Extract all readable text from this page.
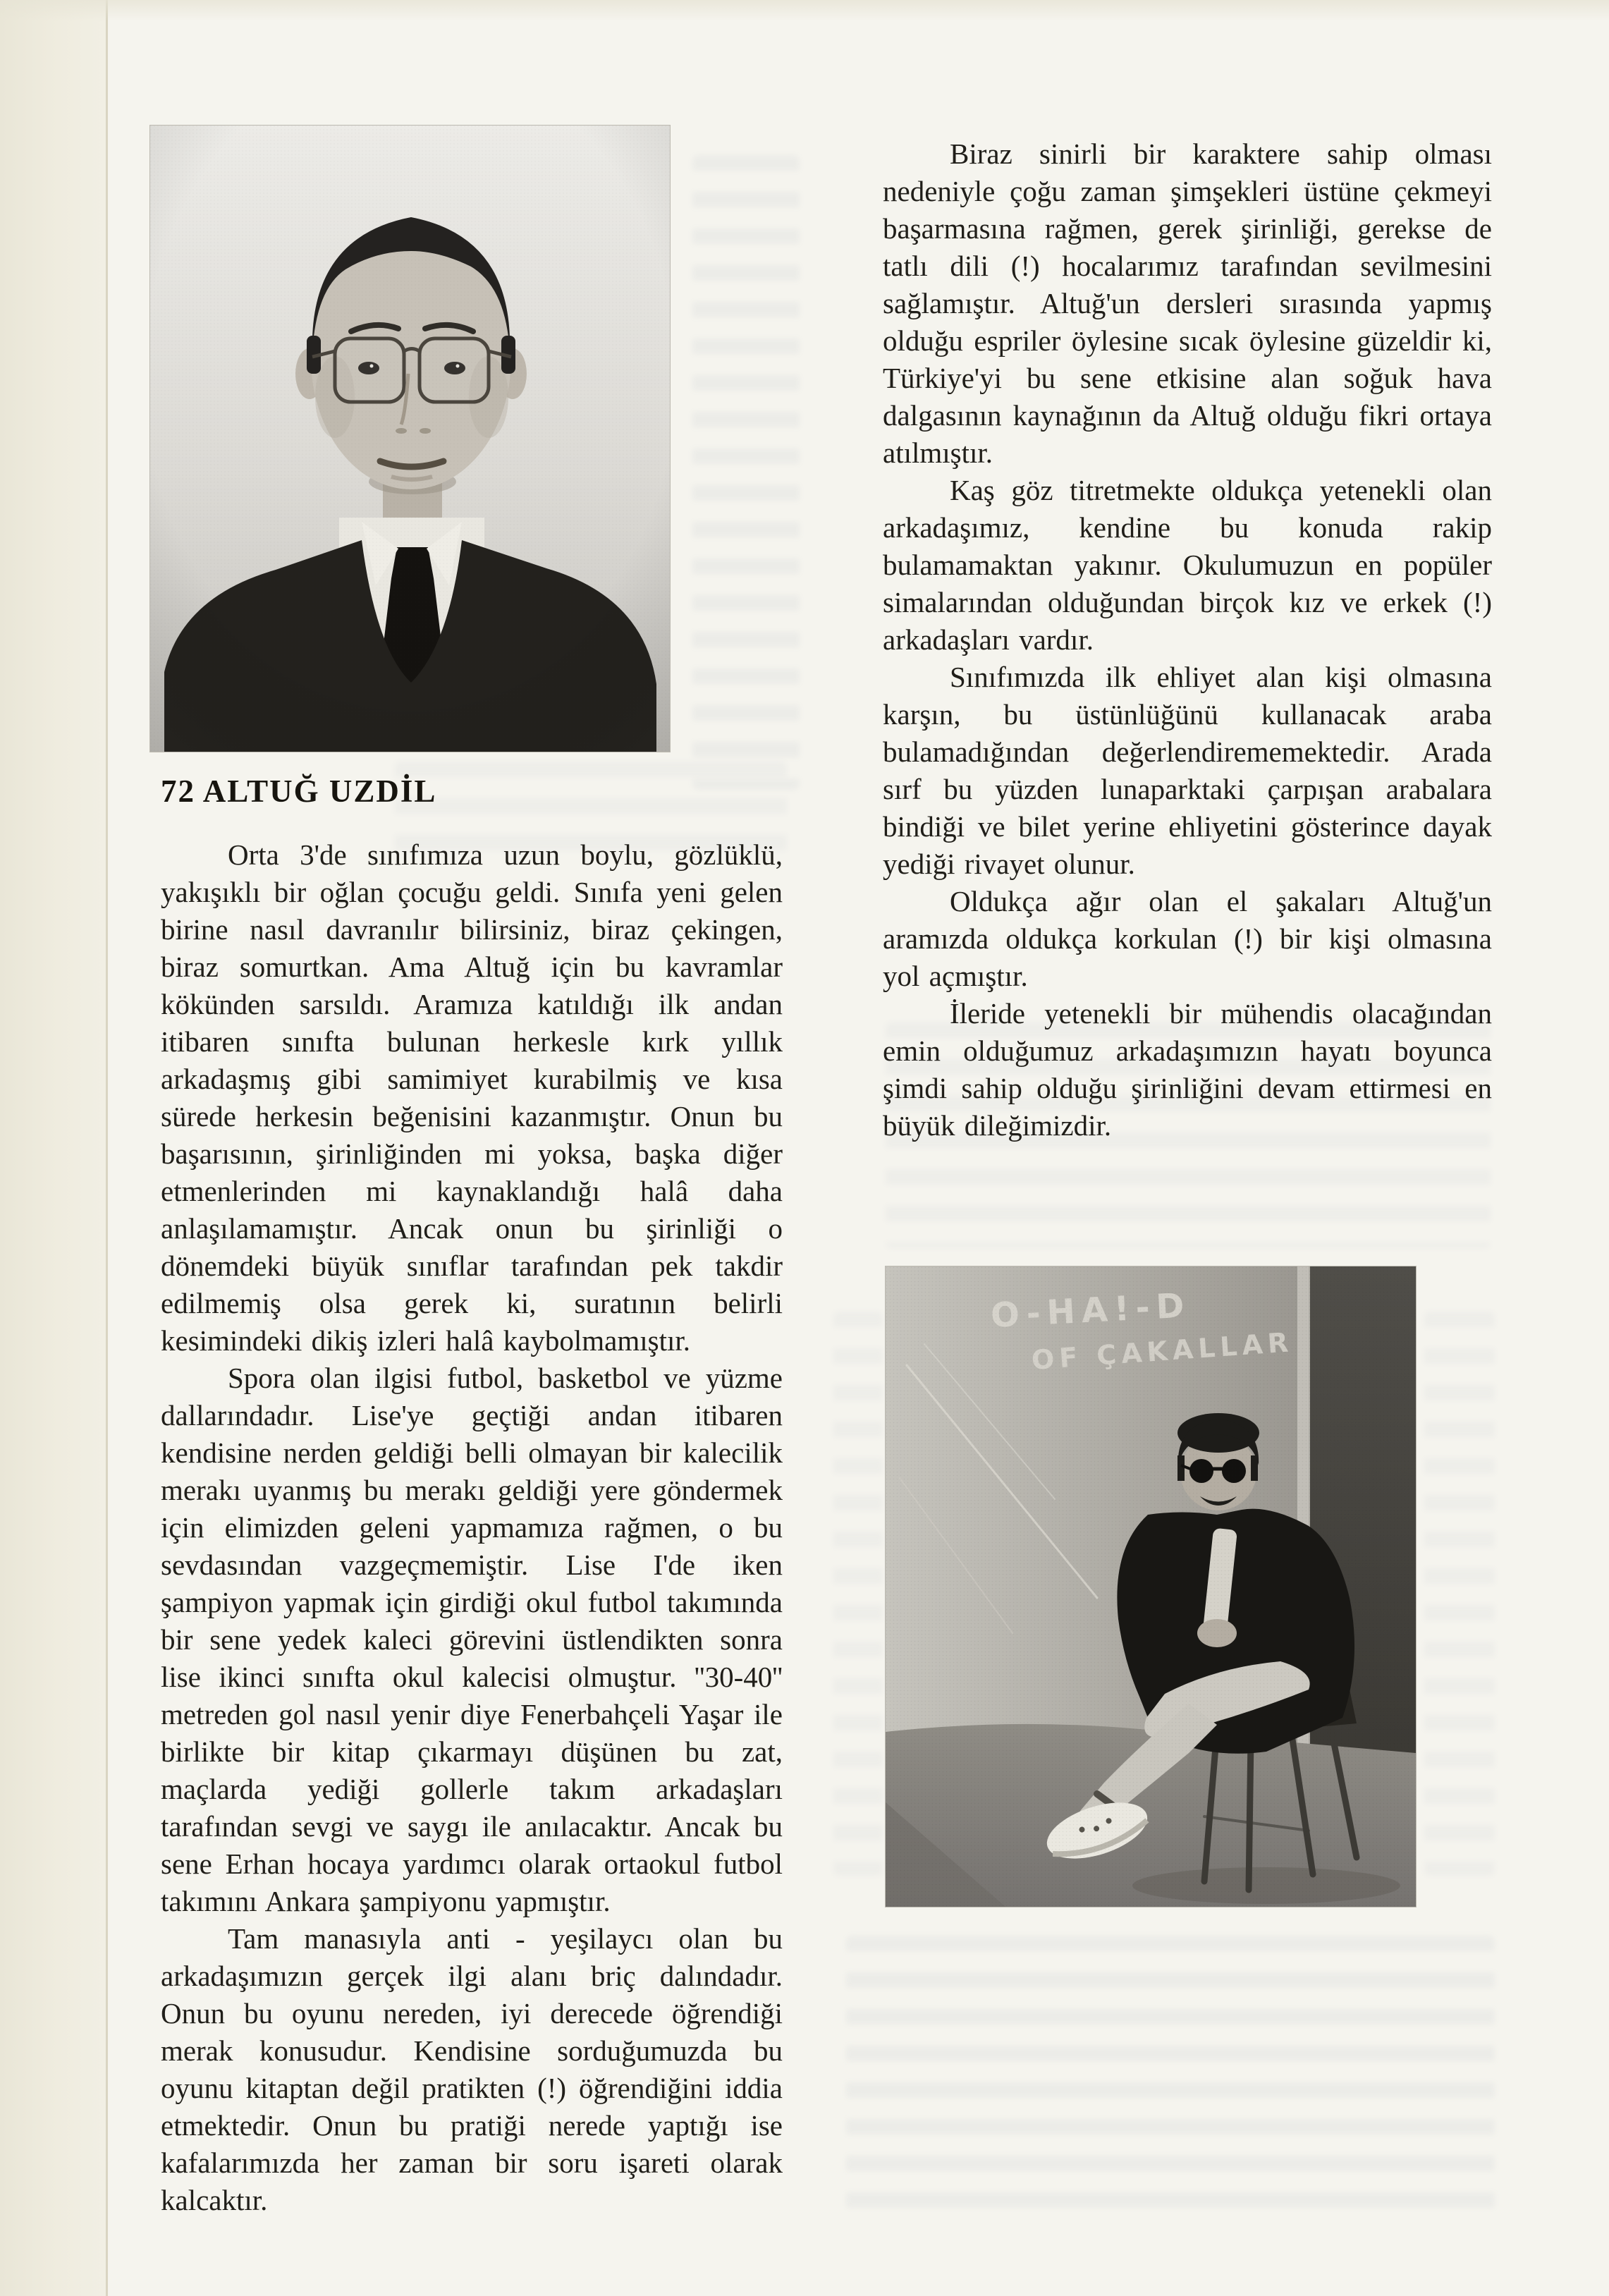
72 ALTUĞ UZDİL

Orta 3'de sınıfımıza uzun boylu, gözlüklü, yakışıklı bir oğlan çocuğu geldi. Sınıfa yeni gelen birine nasıl davranılır bilirsiniz, biraz çekingen, biraz somurtkan. Ama Altuğ için bu kavramlar kökünden sarsıldı. Aramıza katıldığı ilk andan itibaren sınıfta bulunan herkesle kırk yıllık arkadaşmış gibi samimiyet kurabilmiş ve kısa sürede herkesin beğenisini kazanmıştır. Onun bu başarısının, şirinliğinden mi yoksa, başka diğer etmenlerinden mi kaynaklandığı halâ daha anlaşılamamıştır. Ancak onun bu şirinliği o dönemdeki büyük sınıflar tarafından pek takdir edilmemiş olsa gerek ki, suratının belirli kesimindeki dikiş izleri halâ kaybolmamıştır.

Spora olan ilgisi futbol, basketbol ve yüzme dallarındadır. Lise'ye geçtiği andan itibaren kendisine nerden geldiği belli olmayan bir kalecilik merakı uyanmış bu merakı geldiği yere göndermek için elimizden geleni yapmamıza rağmen, o bu sevdasından vazgeçmemiştir. Lise I'de iken şampiyon yapmak için girdiği okul futbol takımında bir sene yedek kaleci görevini üstlendikten sonra lise ikinci sınıfta okul kalecisi olmuştur. ''30-40'' metreden gol nasıl yenir diye Fenerbahçeli Yaşar ile birlikte bir kitap çıkarmayı düşünen bu zat, maçlarda yediği gollerle takım arkadaşları tarafından sevgi ve saygı ile anılacaktır. Ancak bu sene Erhan hocaya yardımcı olarak ortaokul futbol takımını Ankara şampiyonu yapmıştır.

Tam manasıyla anti - yeşilaycı olan bu arkadaşımızın gerçek ilgi alanı briç dalındadır. Onun bu oyunu nereden, iyi derecede öğrendiği merak konusudur. Kendisine sorduğumuzda bu oyunu kitaptan değil pratikten (!) öğrendiğini iddia etmektedir. Onun bu pratiği nerede yaptığı ise kafalarımızda her zaman bir soru işareti olarak kalcaktır.

Biraz sinirli bir karaktere sahip olması nedeniyle çoğu zaman şimşekleri üstüne çekmeyi başarmasına rağmen, gerek şirinliği, gerekse de tatlı dili (!) hocalarımız tarafından sevilmesini sağlamıştır. Altuğ'un dersleri sırasında yapmış olduğu espriler öylesine sıcak öylesine güzeldir ki, Türkiye'yi bu sene etkisine alan soğuk hava dalgasının kaynağının da Altuğ olduğu fikri ortaya atılmıştır.

Kaş göz titretmekte oldukça yetenekli olan arkadaşımız, kendine bu konuda rakip bulamamaktan yakınır. Okulumuzun en popüler simalarından olduğundan birçok kız ve erkek (!) arkadaşları vardır.

Sınıfımızda ilk ehliyet alan kişi olmasına karşın, bu üstünlüğünü kullanacak araba bulamadığından değerlendirememektedir. Arada sırf bu yüzden lunaparktaki çarpışan arabalara bindiği ve bilet yerine ehliyetini gösterince dayak yediği rivayet olunur.

Oldukça ağır olan el şakaları Altuğ'un aramızda oldukça korkulan (!) bir kişi olmasına yol açmıştır.

İleride yetenekli bir mühendis olacağından emin olduğumuz arkadaşımızın hayatı boyunca şimdi sahip olduğu şirinliğini devam ettirmesi en büyük dileğimizdir.
